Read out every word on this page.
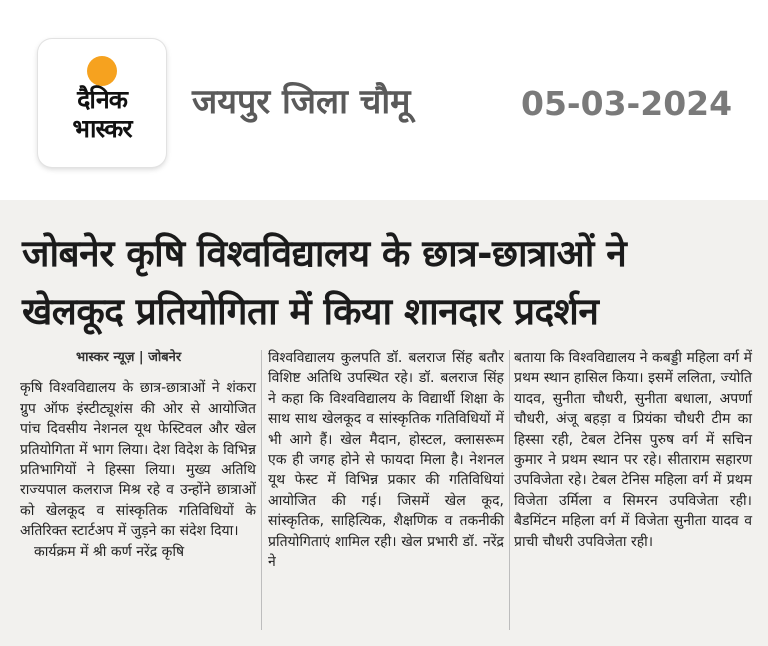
दैनिक
भास्कर
जयपुर जिला चौमू	05-03-2024
जोबनेर कृषि विश्वविद्यालय के छात्र-छात्राओं ने
खेलकूद प्रतियोगिता में किया शानदार प्रदर्शन
भास्कर न्यूज़ | जोबनेर
कृषि विश्वविद्यालय के छात्र-छात्राओं ने शंकरा ग्रुप ऑफ इंस्टीट्यूशंस की ओर से आयोजित पांच दिवसीय नेशनल यूथ फेस्टिवल और खेल प्रतियोगिता में भाग लिया। देश विदेश के विभिन्न प्रतिभागियों ने हिस्सा लिया। मुख्य अतिथि राज्यपाल कलराज मिश्र रहे व उन्होंने छात्राओं को खेलकूद व सांस्कृतिक गतिविधियों के अतिरिक्त स्टार्टअप में जुड़ने का संदेश दिया।
कार्यक्रम में श्री कर्ण नरेंद्र कृषि
विश्वविद्यालय कुलपति डॉ. बलराज सिंह बतौर विशिष्ट अतिथि उपस्थित रहे। डॉ. बलराज सिंह ने कहा कि विश्वविद्यालय के विद्यार्थी शिक्षा के साथ साथ खेलकूद व सांस्कृतिक गतिविधियों में भी आगे हैं। खेल मैदान, होस्टल, क्लासरूम एक ही जगह होने से फायदा मिला है। नेशनल यूथ फेस्ट में विभिन्न प्रकार की गतिविधियां आयोजित की गई। जिसमें खेल कूद, सांस्कृतिक, साहित्यिक, शैक्षणिक व तकनीकी प्रतियोगिताएं शामिल रही। खेल प्रभारी डॉ. नरेंद्र ने
बताया कि विश्वविद्यालय ने कबड्डी महिला वर्ग में प्रथम स्थान हासिल किया। इसमें ललिता, ज्योति यादव, सुनीता चौधरी, सुनीता बधाला, अपर्णा चौधरी, अंजू बहड़ा व प्रियंका चौधरी टीम का हिस्सा रही, टेबल टेनिस पुरुष वर्ग में सचिन कुमार ने प्रथम स्थान पर रहे। सीताराम सहारण उपविजेता रहे। टेबल टेनिस महिला वर्ग में प्रथम विजेता उर्मिला व सिमरन उपविजेता रही। बैडमिंटन महिला वर्ग में विजेता सुनीता यादव व प्राची चौधरी उपविजेता रही।
